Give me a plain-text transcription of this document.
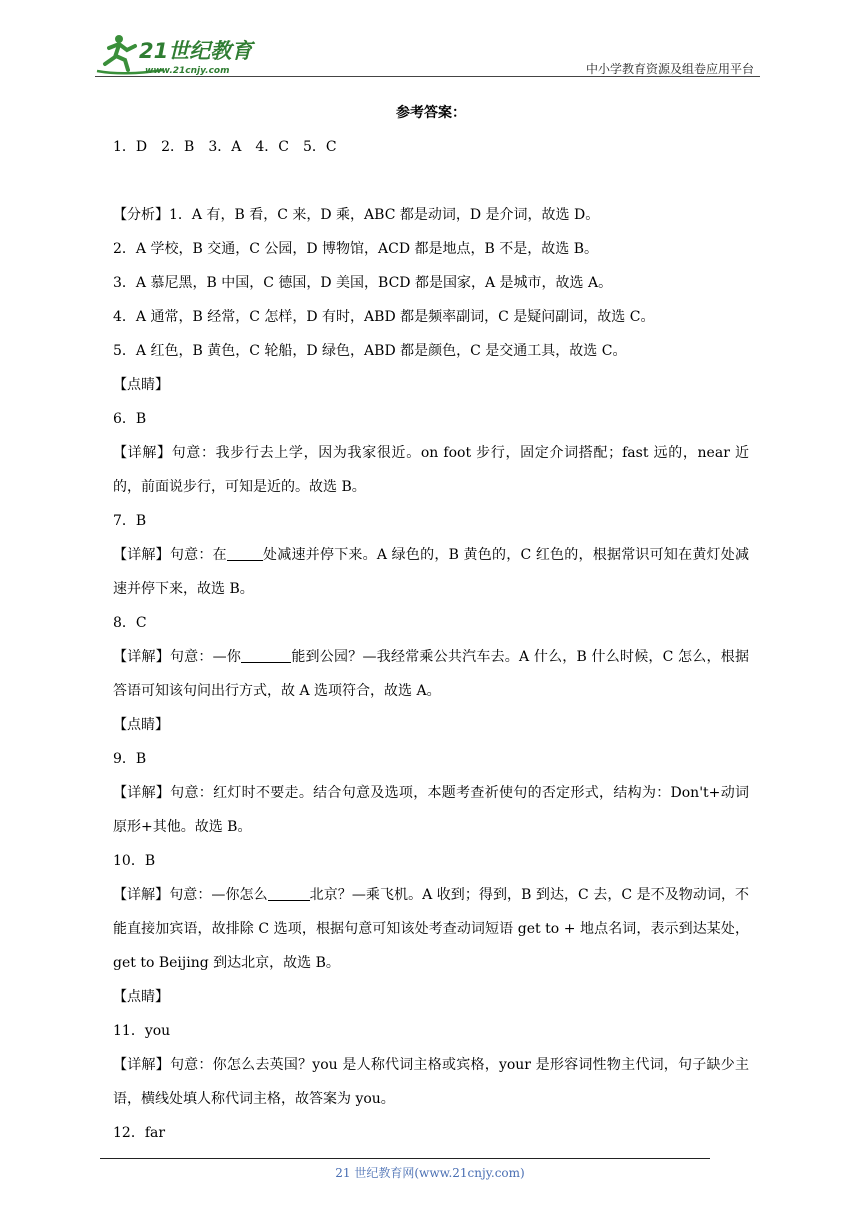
21世纪教育
www.21cnjy.com	中小学教育资源及组卷应用平台
参考答案：
1．D　2．B　3．A　4．C　5．C
【分析】1．A 有，B 看，C 来，D 乘，ABC 都是动词，D 是介词，故选 D。
2．A 学校，B 交通，C 公园，D 博物馆，ACD 都是地点，B 不是，故选 B。
3．A 慕尼黑，B 中国，C 德国，D 美国，BCD 都是国家，A 是城市，故选 A。
4．A 通常，B 经常，C 怎样，D 有时，ABD 都是频率副词，C 是疑问副词，故选 C。
5．A 红色，B 黄色，C 轮船，D 绿色，ABD 都是颜色，C 是交通工具，故选 C。
【点睛】
6．B
【详解】句意：我步行去上学，因为我家很近。on foot 步行，固定介词搭配；fast 远的，near 近的，前面说步行，可知是近的。故选 B。
7．B
【详解】句意：在	处减速并停下来。A 绿色的，B 黄色的，C 红色的，根据常识可知在黄灯处减速并停下来，故选 B。
8．C
【详解】句意：—你	能到公园？—我经常乘公共汽车去。A 什么，B 什么时候，C 怎么，根据答语可知该句问出行方式，故 A 选项符合，故选 A。
【点睛】
9．B
【详解】句意：红灯时不要走。结合句意及选项，本题考查祈使句的否定形式，结构为：Don't+动词原形+其他。故选 B。
10．B
【详解】句意：—你怎么	北京？—乘飞机。A 收到；得到，B 到达，C 去，C 是不及物动词，不能直接加宾语，故排除 C 选项，根据句意可知该处考查动词短语 get to + 地点名词，表示到达某处，get to Beijing 到达北京，故选 B。
【点睛】
11．you
【详解】句意：你怎么去英国？you 是人称代词主格或宾格，your 是形容词性物主代词，句子缺少主语，横线处填人称代词主格，故答案为 you。
12．far
21 世纪教育网(www.21cnjy.com)
